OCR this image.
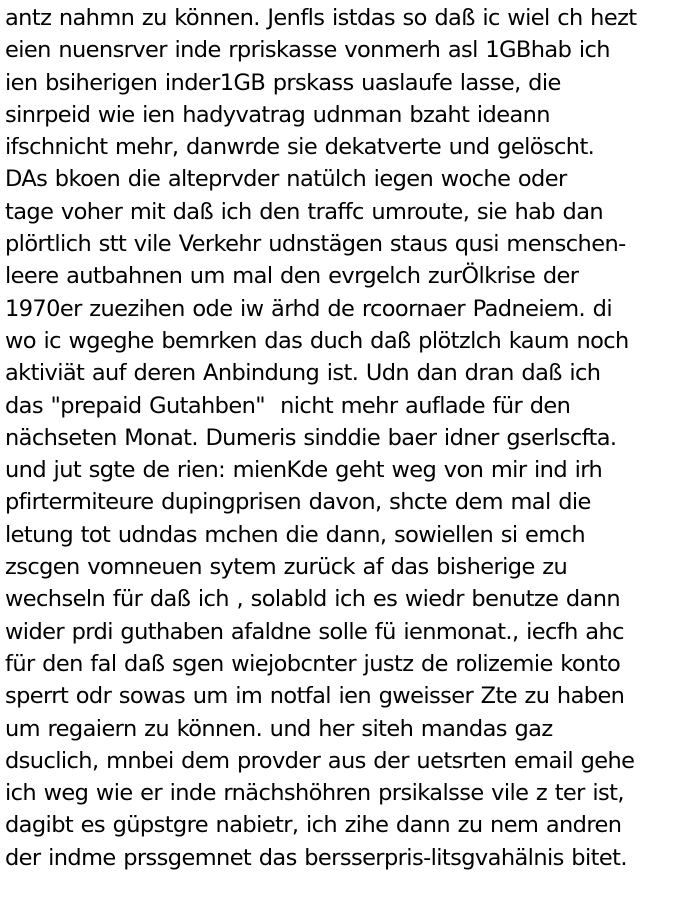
antz nahmn zu können. Jenfls istdas so daß ic wiel ch hezt
eien nuensrver inde rpriskasse vonmerh asl 1GBhab ich
ien bsiherigen inder1GB prskass uaslaufe lasse, die
sinrpeid wie ien hadyvatrag udnman bzaht ideann
ifschnicht mehr, danwrde sie dekatverte und gelöscht.
DAs bkoen die alteprvder natülch iegen woche oder
tage voher mit daß ich den traffc umroute, sie hab dan
plörtlich stt vile Verkehr udnstägen staus qusi menschen-
leere autbahnen um mal den evrgelch zurÖlkrise der
1970er zuezihen ode iw ärhd de rcoornaer Padneiem. di
wo ic wgeghe bemrken das duch daß plötzlch kaum noch
aktiviät auf deren Anbindung ist. Udn dan dran daß ich
das "prepaid Gutahben"  nicht mehr auflade für den
nächseten Monat. Dumeris sinddie baer idner gserlscfta.
und jut sgte de rien: mienKde geht weg von mir ind irh
pfirtermiteure dupingprisen davon, shcte dem mal die
letung tot udndas mchen die dann, sowiellen si emch
zscgen vomneuen sytem zurück af das bisherige zu
wechseln für daß ich , solabld ich es wiedr benutze dann
wider prdi guthaben afaldne solle fü ienmonat., iecfh ahc
für den fal daß sgen wiejobcnter justz de rolizemie konto
sperrt odr sowas um im notfal ien gweisser Zte zu haben
um regaiern zu können. und her siteh mandas gaz
dsuclich, mnbei dem provder aus der uetsrten email gehe
ich weg wie er inde rnächshöhren prsikalsse vile z ter ist,
dagibt es güpstgre nabietr, ich zihe dann zu nem andren
der indme prssgemnet das bersserpris-litsgvahälnis bitet.
